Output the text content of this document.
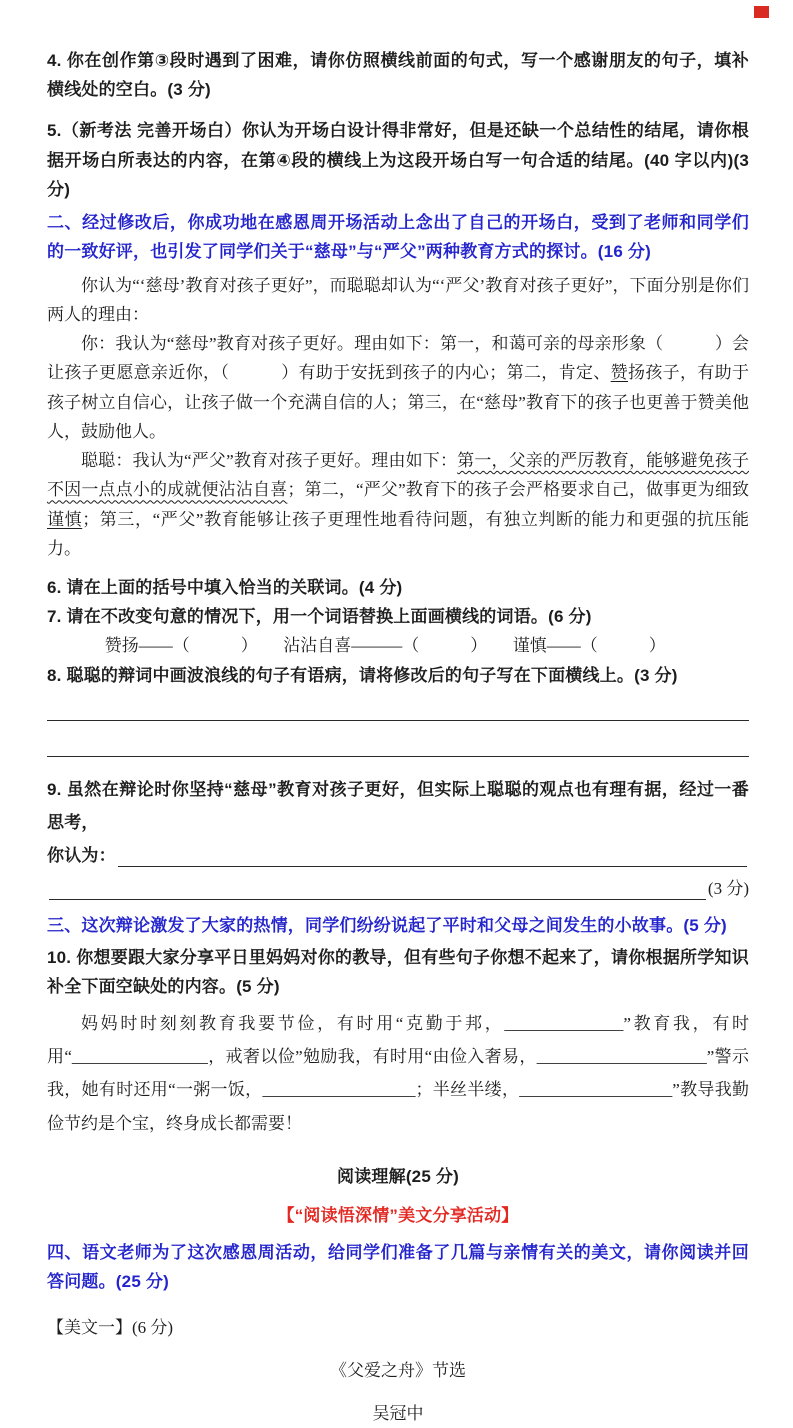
4. 你在创作第③段时遇到了困难，请你仿照横线前面的句式，写一个感谢朋友的句子，填补横线处的空白。(3 分)
5.（新考法 完善开场白）你认为开场白设计得非常好，但是还缺一个总结性的结尾，请你根据开场白所表达的内容，在第④段的横线上为这段开场白写一句合适的结尾。(40 字以内)(3 分)
二、经过修改后，你成功地在感恩周开场活动上念出了自己的开场白，受到了老师和同学们的一致好评，也引发了同学们关于“慈母”与“严父”两种教育方式的探讨。(16 分)
你认为“‘慈母’教育对孩子更好”，而聪聪却认为“‘严父’教育对孩子更好”，下面分别是你们两人的理由：
你：我认为“慈母”教育对孩子更好。理由如下：第一，和蔼可亲的母亲形象（　　　）会让孩子更愿意亲近你，（　　　）有助于安抚到孩子的内心；第二，肯定、赞扬孩子，有助于孩子树立自信心，让孩子做一个充满自信的人；第三，在“慈母”教育下的孩子也更善于赞美他人，鼓励他人。
聪聪：我认为“严父”教育对孩子更好。理由如下：第一，父亲的严厉教育，能够避免孩子不因一点点小的成就便沾沾自喜；第二，“严父”教育下的孩子会严格要求自己，做事更为细致谨慎；第三，“严父”教育能够让孩子更理性地看待问题，有独立判断的能力和更强的抗压能力。
6. 请在上面的括号中填入恰当的关联词。(4 分)
7. 请在不改变句意的情况下，用一个词语替换上面画横线的词语。(6 分)
赞扬——（　　　）　　沾沾自喜———（　　　）　　谨慎——（　　　）
8. 聪聪的辩词中画波浪线的句子有语病，请将修改后的句子写在下面横线上。(3 分)
9. 虽然在辩论时你坚持“慈母”教育对孩子更好，但实际上聪聪的观点也有理有据，经过一番思考，
你认为：
(3 分)
三、这次辩论激发了大家的热情，同学们纷纷说起了平时和父母之间发生的小故事。(5 分)
10. 你想要跟大家分享平日里妈妈对你的教导，但有些句子你想不起来了，请你根据所学知识补全下面空缺处的内容。(5 分)
妈妈时时刻刻教育我要节俭，有时用“克勤于邦，______________”教育我，有时用“________________，戒奢以俭”勉励我，有时用“由俭入奢易，____________________”警示我，她有时还用“一粥一饭，__________________；半丝半缕，__________________”教导我勤俭节约是个宝，终身成长都需要！
阅读理解(25 分)
【“阅读悟深情”美文分享活动】
四、语文老师为了这次感恩周活动，给同学们准备了几篇与亲情有关的美文，请你阅读并回答问题。(25 分)
【美文一】(6 分)
《父爱之舟》节选
吴冠中
